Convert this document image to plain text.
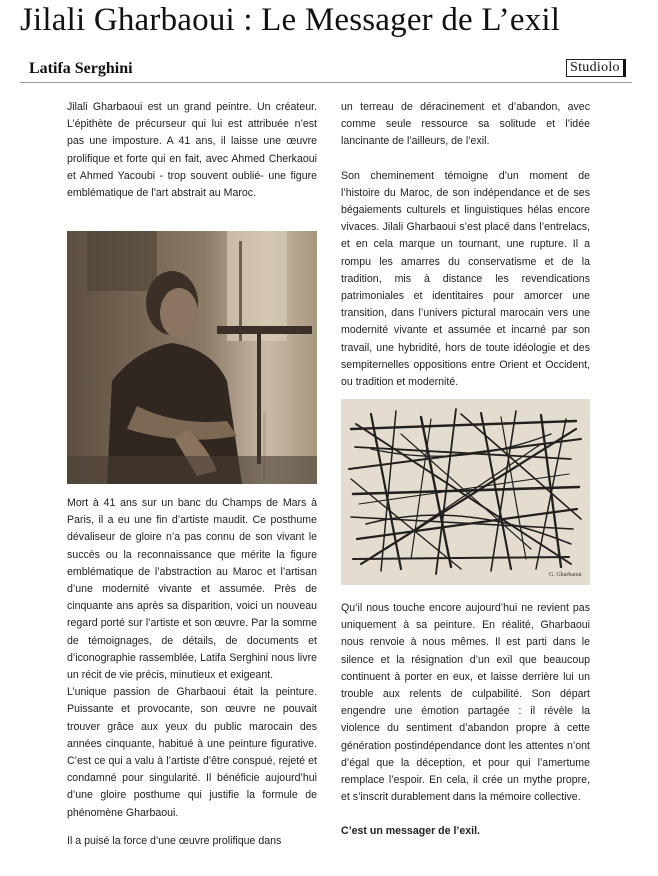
Jilali Gharbaoui : Le Messager de L’exil
Latifa Serghini	Studiolo

Jilali Gharbaoui est un grand peintre. Un créateur. L’épithète de précurseur qui lui est attribuée n’est pas une imposture. A 41 ans, il laisse une œuvre prolifique et forte qui en fait, avec Ahmed Cherkaoui et Ahmed Yacoubi - trop souvent oublié- une figure emblématique de l’art abstrait au Maroc.

Mort à 41 ans sur un banc du Champs de Mars à Paris, il a eu une fin d’artiste maudit. Ce posthume dévaliseur de gloire n’a pas connu de son vivant le succès ou la reconnaissance que mérite la figure emblématique de l’abstraction au Maroc et l’artisan d’une modernité vivante et assumée. Près de cinquante ans après sa disparition, voici un nouveau regard porté sur l’artiste et son œuvre. Par la somme de témoignages, de détails, de documents et d’iconographie rassemblée, Latifa Serghini nous livre un récit de vie précis, minutieux et exigeant.

L’unique passion de Gharbaoui était la peinture. Puissante et provocante, son œuvre ne pouvait trouver grâce aux yeux du public marocain des années cinquante, habitué à une peinture figurative. C’est ce qui a valu à l’artiste d’être conspué, rejeté et condamné pour singularité. Il bénéficie aujourd’hui d’une gloire posthume qui justifie la formule de phénomène Gharbaoui.

Il a puisé la force d’une œuvre prolifique dans

un terreau de déracinement et d’abandon, avec comme seule ressource sa solitude et l’idée lancinante de l’ailleurs, de l’exil.

Son cheminement témoigne d’un moment de l’histoire du Maroc, de son indépendance et de ses bégaiements culturels et linguistiques hélas encore vivaces. Jilali Gharbaoui s’est placé dans l’entrelacs, et en cela marque un tournant, une rupture. Il a rompu les amarres du conservatisme et de la tradition, mis à distance les revendications patrimoniales et identitaires pour amorcer une transition, dans l’univers pictural marocain vers une modernité vivante et assumée et incarné par son travail, une hybridité, hors de toute idéologie et des sempiternelles oppositions entre Orient et Occident, ou tradition et modernité.

G. Gharbaoui

Qu’il nous touche encore aujourd’hui ne revient pas uniquement à sa peinture. En réalité, Gharbaoui nous renvoie à nous mêmes. Il est parti dans le silence et la résignation d’un exil que beaucoup continuent à porter en eux, et laisse derrière lui un trouble aux relents de culpabilité. Son départ engendre une émotion partagée : il révèle la violence du sentiment d’abandon propre à cette génération postindépendance dont les attentes n’ont d’égal que la déception, et pour qui l’amertume remplace l’espoir. En cela, il crée un mythe propre, et s’inscrit durablement dans la mémoire collective.

C’est un messager de l’exil.
